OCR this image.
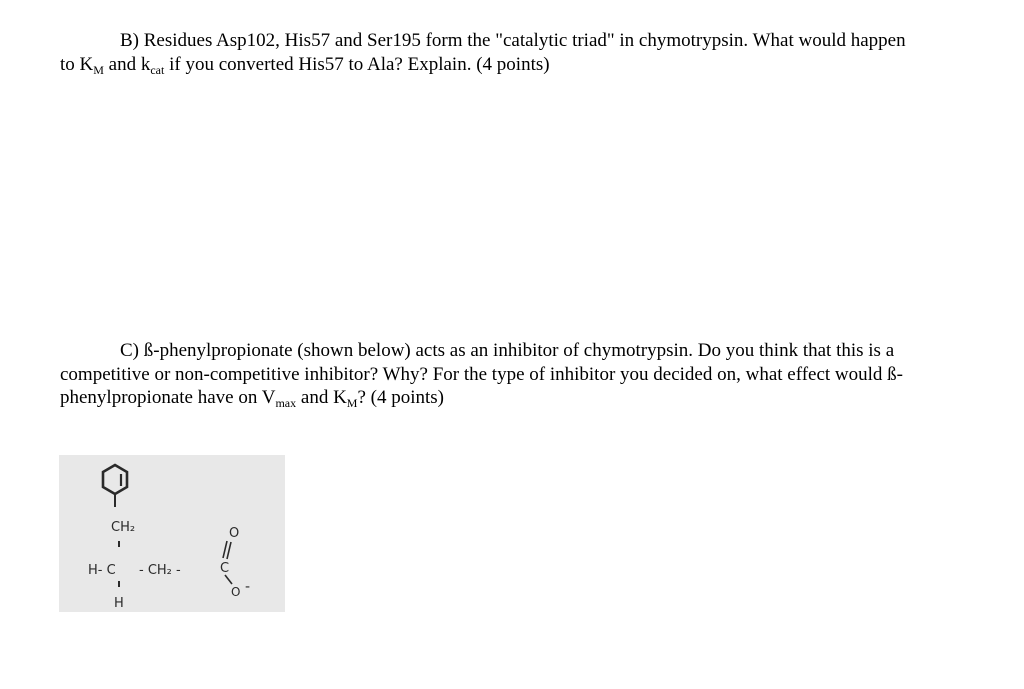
B) Residues Asp102, His57 and Ser195 form the "catalytic triad" in chymotrypsin. What would happen
to $K_M$ and $k_{cat}$ if you converted His57 to Ala? Explain. (4 points)

C) ß-phenylpropionate (shown below) acts as an inhibitor of chymotrypsin. Do you think that this is a
competitive or non-competitive inhibitor? Why? For the type of inhibitor you decided on, what effect would ß-
phenylpropionate have on $V_{max}$ and $K_M$? (4 points)

CH₂
H- C - CH₂ -	C
O
O -
H
